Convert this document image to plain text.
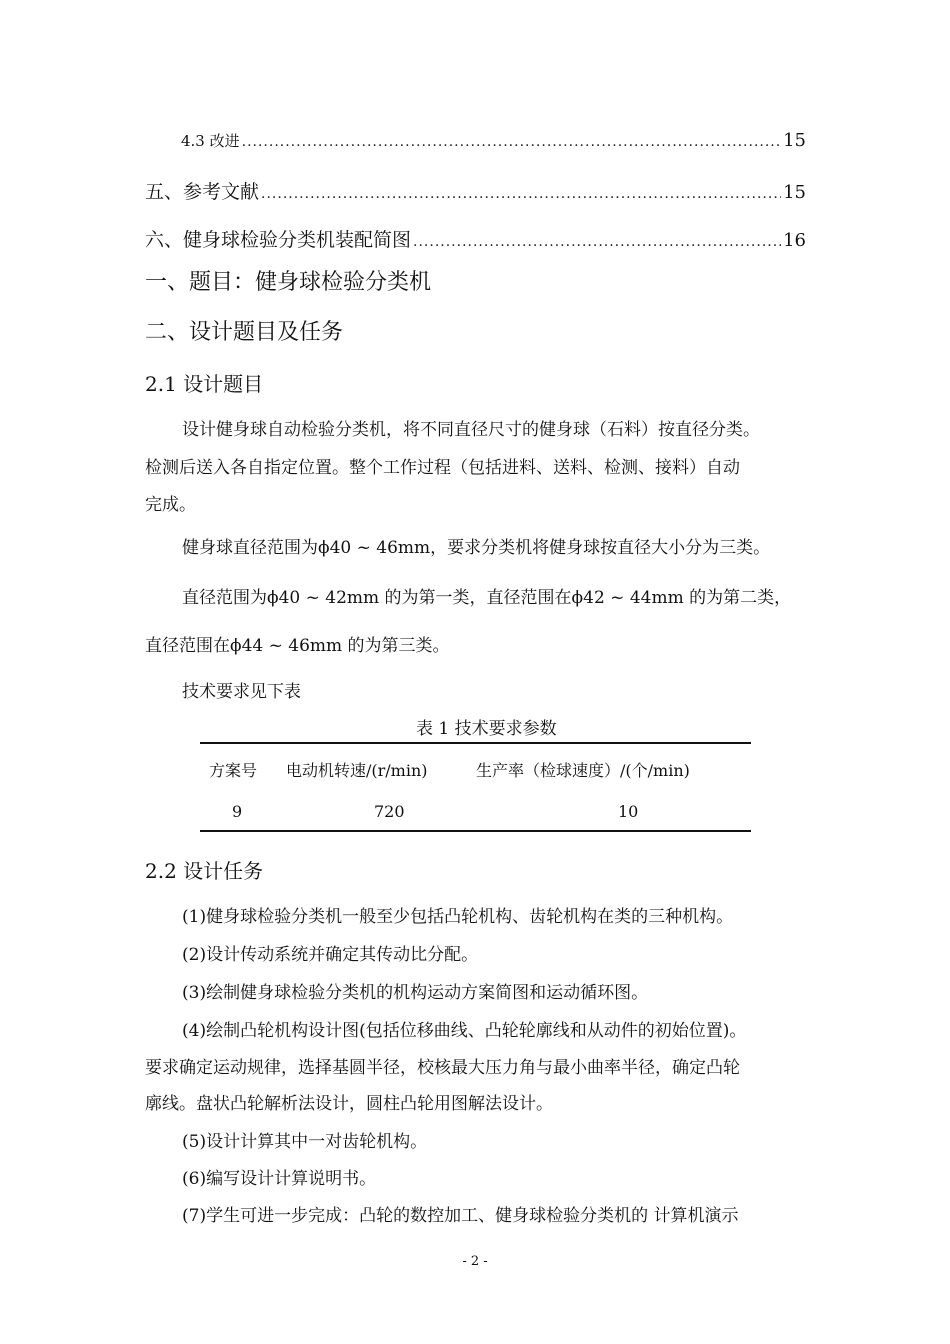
4.3 改进 .....	15
五、参考文献 .....	15
六、健身球检验分类机装配简图 .....	16
一、题目：健身球检验分类机
二、设计题目及任务
2.1 设计题目
设计健身球自动检验分类机，将不同直径尺寸的健身球（石料）按直径分类。
检测后送入各自指定位置。整个工作过程（包括进料、送料、检测、接料）自动
完成。
健身球直径范围为ϕ40 ~ 46mm，要求分类机将健身球按直径大小分为三类。
直径范围为ϕ40 ~ 42mm 的为第一类，直径范围在ϕ42 ~ 44mm 的为第二类，
直径范围在ϕ44 ~ 46mm 的为第三类。
技术要求见下表
表 1 技术要求参数
方案号 电动机转速/(r/min)	生产率（检球速度）/(个/min)
9	720	10
2.2 设计任务
(1)健身球检验分类机一般至少包括凸轮机构、齿轮机构在类的三种机构。
(2)设计传动系统并确定其传动比分配。
(3)绘制健身球检验分类机的机构运动方案简图和运动循环图。
(4)绘制凸轮机构设计图(包括位移曲线、凸轮轮廓线和从动件的初始位置)。
要求确定运动规律，选择基圆半径，校核最大压力角与最小曲率半径，确定凸轮
廓线。盘状凸轮解析法设计，圆柱凸轮用图解法设计。
(5)设计计算其中一对齿轮机构。
(6)编写设计计算说明书。
(7)学生可进一步完成：凸轮的数控加工、健身球检验分类机的 计算机演示
- 2 -
